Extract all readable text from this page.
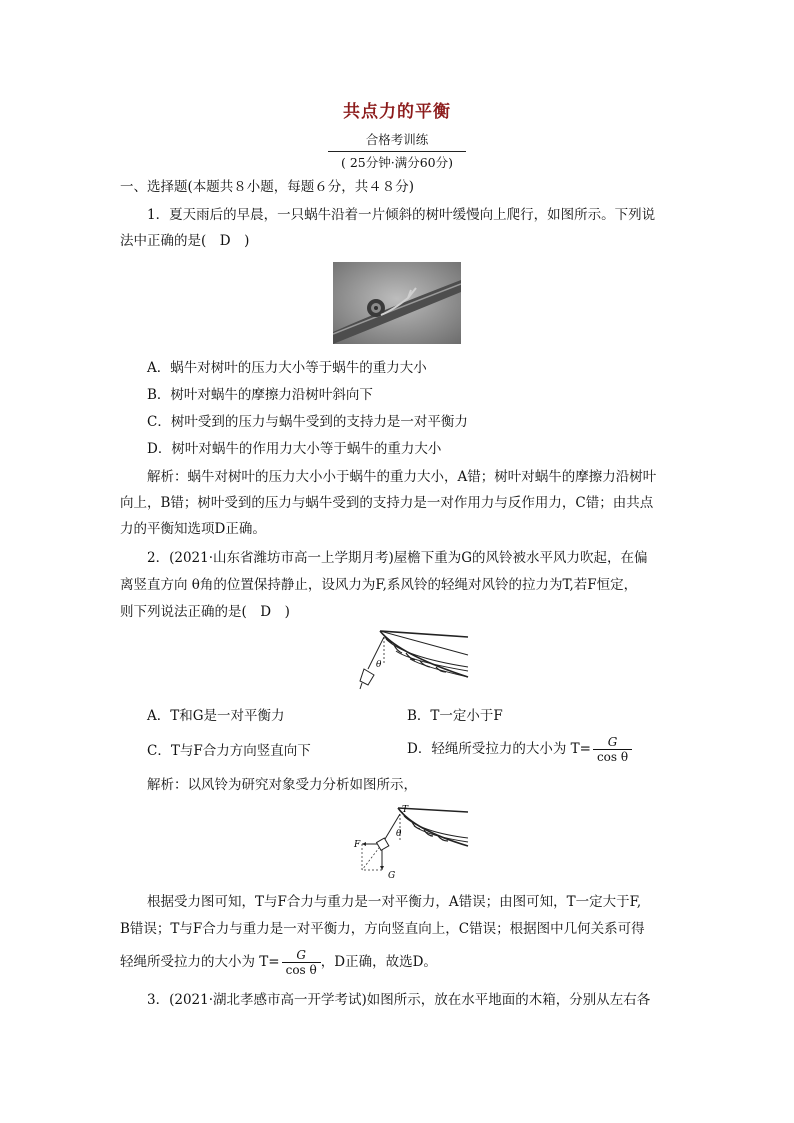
共点力的平衡
合格考训练
( 25分钟·满分60分)
一、选择题(本题共８小题，每题６分，共４８分)
1．夏天雨后的早晨，一只蜗牛沿着一片倾斜的树叶缓慢向上爬行，如图所示。下列说
法中正确的是(　D　)
A．蜗牛对树叶的压力大小等于蜗牛的重力大小
B．树叶对蜗牛的摩擦力沿树叶斜向下
C．树叶受到的压力与蜗牛受到的支持力是一对平衡力
D．树叶对蜗牛的作用力大小等于蜗牛的重力大小
解析：蜗牛对树叶的压力大小小于蜗牛的重力大小，A错；树叶对蜗牛的摩擦力沿树叶
向上，B错；树叶受到的压力与蜗牛受到的支持力是一对作用力与反作用力，C错；由共点
力的平衡知选项D正确。
2．(2021·山东省潍坊市高一上学期月考)屋檐下重为G的风铃被水平风力吹起，在偏
离竖直方向 θ角的位置保持静止，设风力为F,系风铃的轻绳对风铃的拉力为T,若F恒定，
则下列说法正确的是(　D　)
θ
A．T和G是一对平衡力	B．T一定小于F
C．T与F合力方向竖直向下	D．轻绳所受拉力的大小为 $T= \frac{G}{\text{cos θ}}$
解析：以风铃为研究对象受力分析如图所示，
T
θ
F
G
根据受力图可知，T与F合力与重力是一对平衡力，A错误；由图可知，T一定大于F,
B错误；T与F合力与重力是一对平衡力，方向竖直向上，C错误；根据图中几何关系可得
轻绳所受拉力的大小为 $T= \frac{G}{\text{cos θ}}$ ，D正确，故选D。
3．(2021·湖北孝感市高一开学考试)如图所示，放在水平地面的木箱，分别从左右各
